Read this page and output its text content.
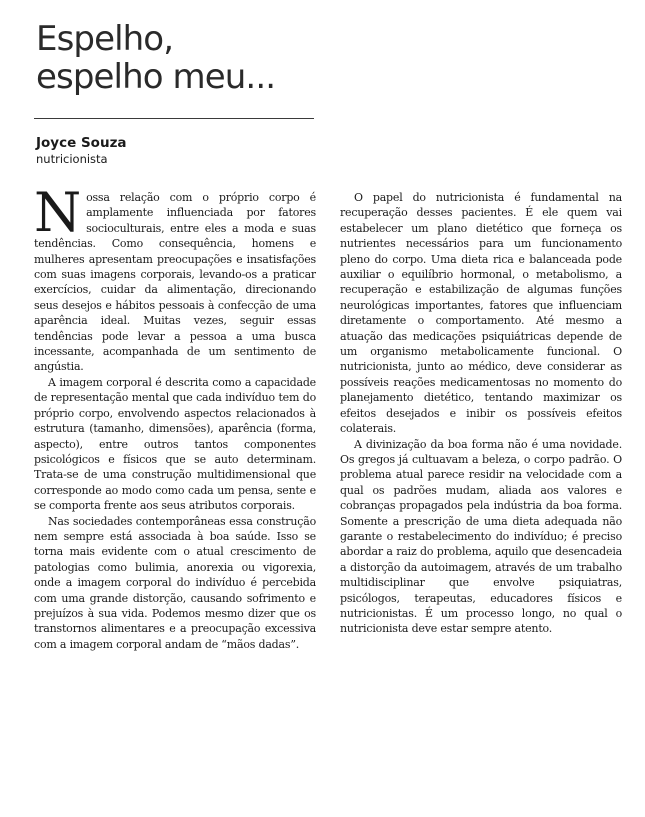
Espelho,
espelho meu...

Joyce Souza

nutricionista

Nossa relação com o próprio corpo é amplamente influenciada por fatores socioculturais, entre eles a moda e suas tendências. Como consequência, homens e mulheres apresentam preocupações e insatisfações com suas imagens corporais, levando-os a praticar exercícios, cuidar da alimentação, direcionando seus desejos e hábitos pessoais à confecção de uma aparência ideal. Muitas vezes, seguir essas tendências pode levar a pessoa a uma busca incessante, acompanhada de um sentimento de angústia.

A imagem corporal é descrita como a capacidade de representação mental que cada indivíduo tem do próprio corpo, envolvendo aspectos relacionados à estrutura (tamanho, dimensões), aparência (forma, aspecto), entre outros tantos componentes psicológicos e físicos que se auto determinam. Trata-se de uma construção multidimensional que corresponde ao modo como cada um pensa, sente e se comporta frente aos seus atributos corporais.

Nas sociedades contemporâneas essa construção nem sempre está associada à boa saúde. Isso se torna mais evidente com o atual crescimento de patologias como bulimia, anorexia ou vigorexia, onde a imagem corporal do indivíduo é percebida com uma grande distorção, causando sofrimento e prejuízos à sua vida. Podemos mesmo dizer que os transtornos alimentares e a preocupação excessiva com a imagem corporal andam de “mãos dadas”.

O papel do nutricionista é fundamental na recuperação desses pacientes. É ele quem vai estabelecer um plano dietético que forneça os nutrientes necessários para um funcionamento pleno do corpo. Uma dieta rica e balanceada pode auxiliar o equilíbrio hormonal, o metabolismo, a recuperação e estabilização de algumas funções neurológicas importantes, fatores que influenciam diretamente o comportamento. Até mesmo a atuação das medicações psiquiátricas depende de um organismo metabolicamente funcional. O nutricionista, junto ao médico, deve considerar as possíveis reações medicamentosas no momento do planejamento dietético, tentando maximizar os efeitos desejados e inibir os possíveis efeitos colaterais.

A divinização da boa forma não é uma novidade. Os gregos já cultuavam a beleza, o corpo padrão. O problema atual parece residir na velocidade com a qual os padrões mudam, aliada aos valores e cobranças propagados pela indústria da boa forma. Somente a prescrição de uma dieta adequada não garante o restabelecimento do indivíduo; é preciso abordar a raiz do problema, aquilo que desencadeia a distorção da autoimagem, através de um trabalho multidisciplinar que envolve psiquiatras, psicólogos, terapeutas, educadores físicos e nutricionistas. É um processo longo, no qual o nutricionista deve estar sempre atento.
